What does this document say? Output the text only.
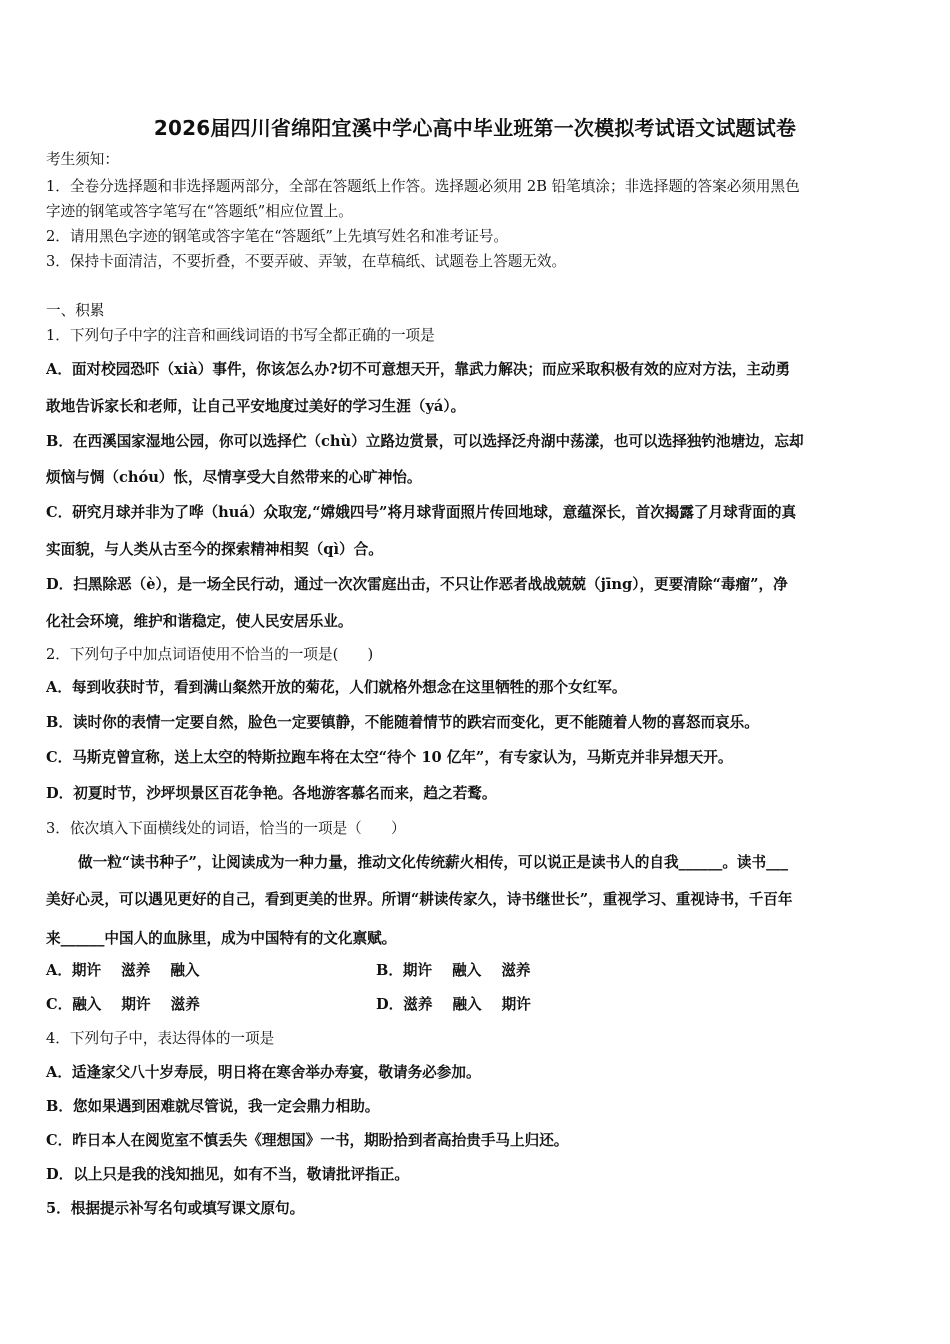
2026届四川省绵阳宜溪中学心高中毕业班第一次模拟考试语文试题试卷
考生须知：
1．全卷分选择题和非选择题两部分，全部在答题纸上作答。选择题必须用 2B 铅笔填涂；非选择题的答案必须用黑色
字迹的钢笔或答字笔写在“答题纸”相应位置上。
2．请用黑色字迹的钢笔或答字笔在“答题纸”上先填写姓名和准考证号。
3．保持卡面清洁，不要折叠，不要弄破、弄皱，在草稿纸、试题卷上答题无效。
一、积累
1．下列句子中字的注音和画线词语的书写全都正确的一项是
A．面对校园恐吓（xià）事件，你该怎么办?切不可意想天开，靠武力解决；而应采取积极有效的应对方法，主动勇
敢地告诉家长和老师，让自己平安地度过美好的学习生涯（yá）。
B．在西溪国家湿地公园，你可以选择伫（chù）立路边赏景，可以选择泛舟湖中荡漾，也可以选择独钓池塘边，忘却
烦恼与惆（chóu）怅，尽情享受大自然带来的心旷神怡。
C．研究月球并非为了哗（huá）众取宠,“嫦娥四号”将月球背面照片传回地球，意蕴深长，首次揭露了月球背面的真
实面貌，与人类从古至今的探索精神相契（qì）合。
D．扫黑除恶（è），是一场全民行动，通过一次次雷庭出击，不只让作恶者战战兢兢（jīng），更要清除“毒瘤”，净
化社会环境，维护和谐稳定，使人民安居乐业。
2．下列句子中加点词语使用不恰当的一项是(　　)
A．每到收获时节，看到满山粲然开放的菊花，人们就格外想念在这里牺牲的那个女红军。
B．读时你的表情一定要自然，脸色一定要镇静，不能随着情节的跌宕而变化，更不能随着人物的喜怒而哀乐。
C．马斯克曾宣称，送上太空的特斯拉跑车将在太空“待个 10 亿年”，有专家认为，马斯克并非异想天开。
D．初夏时节，沙坪坝景区百花争艳。各地游客慕名而来，趋之若鹜。
3．依次填入下面横线处的词语，恰当的一项是（　　）
做一粒“读书种子”，让阅读成为一种力量，推动文化传统薪火相传，可以说正是读书人的自我______。读书___
美好心灵，可以遇见更好的自己，看到更美的世界。所谓“耕读传家久，诗书继世长”，重视学习、重视诗书，千百年
来______中国人的血脉里，成为中国特有的文化禀赋。
A．期许 滋养 融入	B．期许 融入 滋养
C．融入 期许 滋养	D．滋养 融入 期许
4．下列句子中，表达得体的一项是
A．适逢家父八十岁寿辰，明日将在寒舍举办寿宴，敬请务必参加。
B．您如果遇到困难就尽管说，我一定会鼎力相助。
C．昨日本人在阅览室不慎丢失《理想国》一书，期盼拾到者高抬贵手马上归还。
D．以上只是我的浅知拙见，如有不当，敬请批评指正。
5．根据提示补写名句或填写课文原句。
